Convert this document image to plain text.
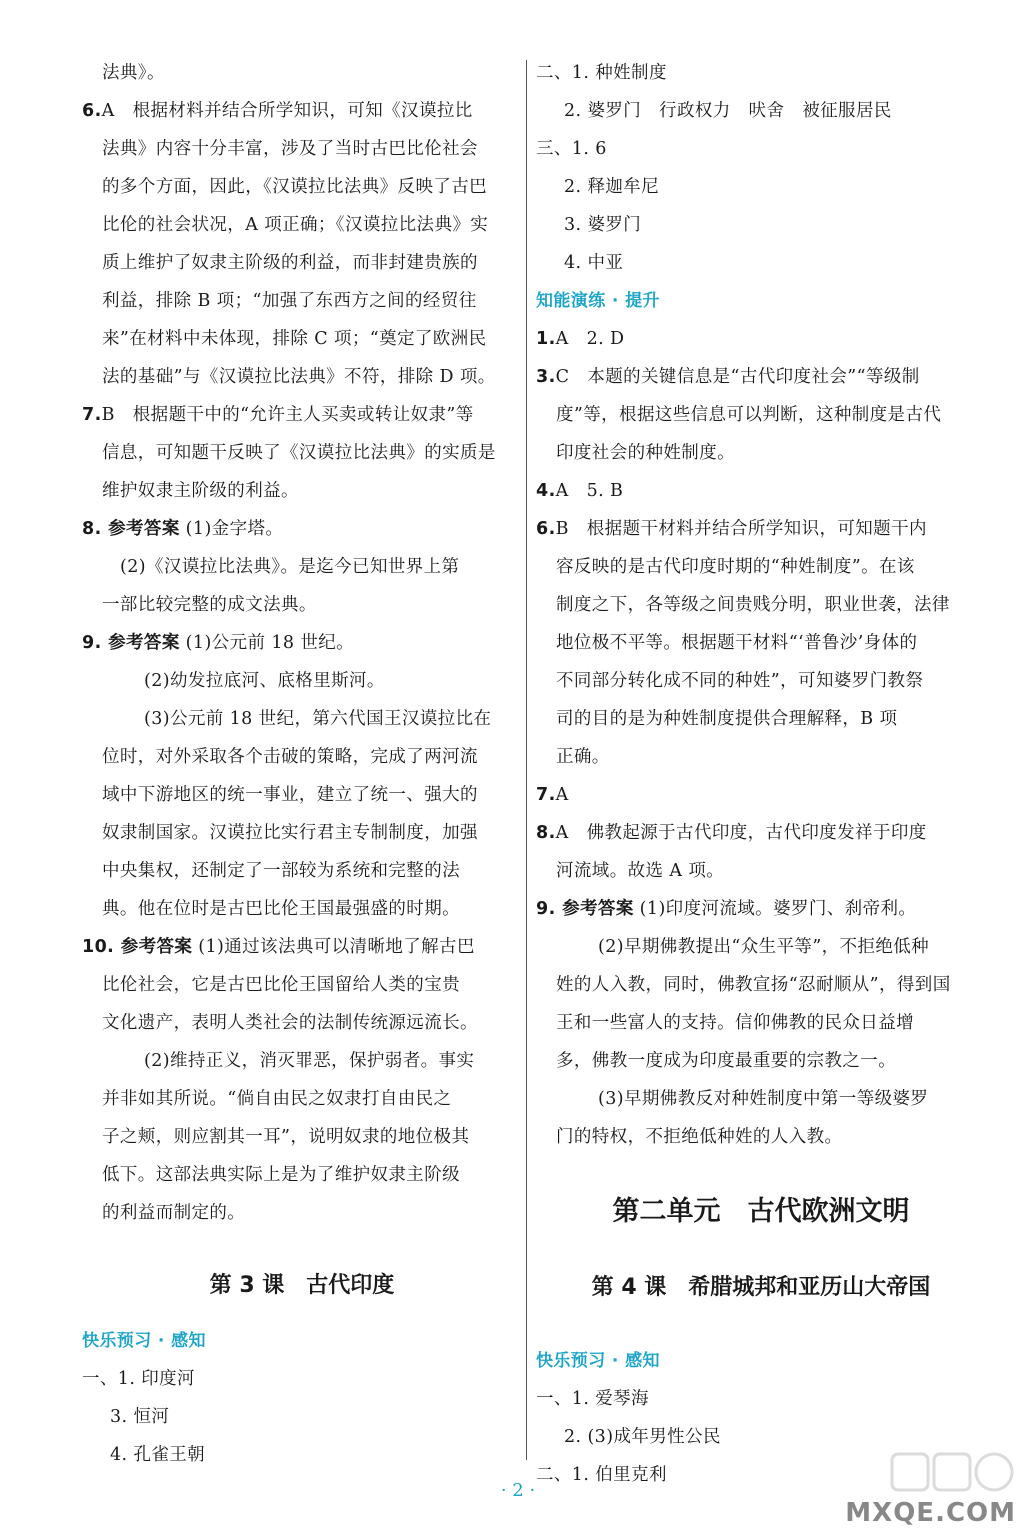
法典》。
6.A　根据材料并结合所学知识，可知《汉谟拉比
法典》内容十分丰富，涉及了当时古巴比伦社会
的多个方面，因此，《汉谟拉比法典》反映了古巴
比伦的社会状况，A 项正确；《汉谟拉比法典》实
质上维护了奴隶主阶级的利益，而非封建贵族的
利益，排除 B 项；“加强了东西方之间的经贸往
来”在材料中未体现，排除 C 项；“奠定了欧洲民
法的基础”与《汉谟拉比法典》不符，排除 D 项。
7.B　根据题干中的“允许主人买卖或转让奴隶”等
信息，可知题干反映了《汉谟拉比法典》的实质是
维护奴隶主阶级的利益。
8. 参考答案 (1)金字塔。
(2)《汉谟拉比法典》。是迄今已知世界上第
一部比较完整的成文法典。
9. 参考答案 (1)公元前 18 世纪。
(2)幼发拉底河、底格里斯河。
(3)公元前 18 世纪，第六代国王汉谟拉比在
位时，对外采取各个击破的策略，完成了两河流
域中下游地区的统一事业，建立了统一、强大的
奴隶制国家。汉谟拉比实行君主专制制度，加强
中央集权，还制定了一部较为系统和完整的法
典。他在位时是古巴比伦王国最强盛的时期。
10. 参考答案 (1)通过该法典可以清晰地了解古巴
比伦社会，它是古巴比伦王国留给人类的宝贵
文化遗产，表明人类社会的法制传统源远流长。
(2)维持正义，消灭罪恶，保护弱者。事实
并非如其所说。“倘自由民之奴隶打自由民之
子之颊，则应割其一耳”，说明奴隶的地位极其
低下。这部法典实际上是为了维护奴隶主阶级
的利益而制定的。
第 3 课　古代印度
快乐预习 · 感知
一、1. 印度河
3. 恒河
4. 孔雀王朝
二、1. 种姓制度
2. 婆罗门　行政权力　吠舍　被征服居民
三、1. 6
2. 释迦牟尼
3. 婆罗门
4. 中亚
知能演练 · 提升
1.A　2. D
3.C　本题的关键信息是“古代印度社会”“等级制
度”等，根据这些信息可以判断，这种制度是古代
印度社会的种姓制度。
4.A　5. B
6.B　根据题干材料并结合所学知识，可知题干内
容反映的是古代印度时期的“种姓制度”。在该
制度之下，各等级之间贵贱分明，职业世袭，法律
地位极不平等。根据题干材料“‘普鲁沙’身体的
不同部分转化成不同的种姓”，可知婆罗门教祭
司的目的是为种姓制度提供合理解释，B 项
正确。
7.A
8.A　佛教起源于古代印度，古代印度发祥于印度
河流域。故选 A 项。
9. 参考答案 (1)印度河流域。婆罗门、刹帝利。
(2)早期佛教提出“众生平等”，不拒绝低种
姓的人入教，同时，佛教宣扬“忍耐顺从”，得到国
王和一些富人的支持。信仰佛教的民众日益增
多，佛教一度成为印度最重要的宗教之一。
(3)早期佛教反对种姓制度中第一等级婆罗
门的特权，不拒绝低种姓的人入教。
第二单元　古代欧洲文明
第 4 课　希腊城邦和亚历山大帝国
快乐预习 · 感知
一、1. 爱琴海
2. (3)成年男性公民
二、1. 伯里克利
· 2 ·
MXQE.COM
